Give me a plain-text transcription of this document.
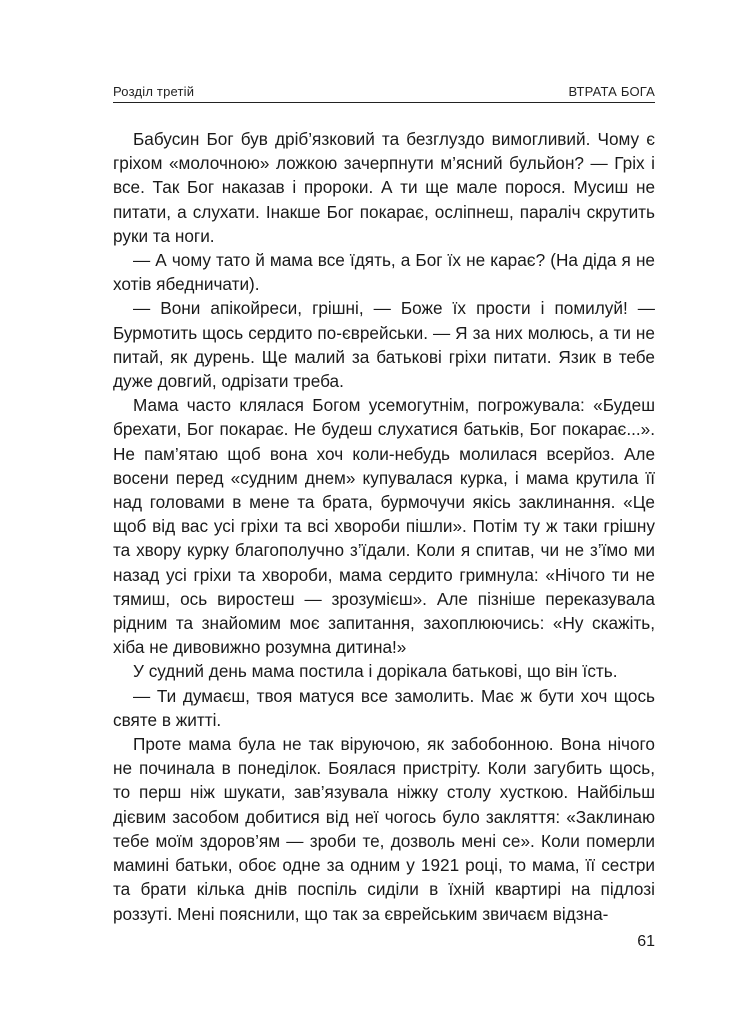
Розділ третій	ВТРАТА БОГА

Бабусин Бог був дріб’язковий та безглуздо вимогливий. Чому є гріхом «молочною» ложкою зачерпнути м’ясний бульйон? — Гріх і все. Так Бог наказав і пророки. А ти ще мале порося. Мусиш не питати, а слухати. Інакше Бог покарає, осліпнеш, параліч скрутить руки та ноги.

— А чому тато й мама все їдять, а Бог їх не карає? (На діда я не хотів ябедничати).

— Вони апікойреси, грішні, — Боже їх прости і помилуй! — Бурмотить щось сердито по-єврейськи. — Я за них молюсь, а ти не питай, як дурень. Ще малий за батькові гріхи питати. Язик в тебе дуже довгий, одрізати треба.

Мама часто клялася Богом усемогутнім, погрожувала: «Будеш брехати, Бог покарає. Не будеш слухатися батьків, Бог покарає...». Не пам’ятаю щоб вона хоч коли-небудь молилася всерйоз. Але восени перед «судним днем» купувалася курка, і мама крутила її над головами в мене та брата, бурмочучи якісь заклинання. «Це щоб від вас усі гріхи та всі хвороби пішли». Потім ту ж таки грішну та хвору курку благополучно з’їдали. Коли я спитав, чи не з’їмо ми назад усі гріхи та хвороби, мама сердито гримнула: «Нічого ти не тямиш, ось виростеш — зрозумієш». Але пізніше переказувала рідним та знайомим моє запитання, захоплюючись: «Ну скажіть, хіба не дивовижно розумна дитина!»

У судний день мама постила і дорікала батькові, що він їсть.

— Ти думаєш, твоя матуся все замолить. Має ж бути хоч щось святе в житті.

Проте мама була не так віруючою, як забобонною. Вона нічого не починала в понеділок. Боялася пристріту. Коли загубить щось, то перш ніж шукати, зав’язувала ніжку столу хусткою. Найбільш дієвим засобом добитися від неї чогось було закляття: «Заклинаю тебе моїм здоров’ям — зроби те, дозволь мені се». Коли померли мамині батьки, обоє одне за одним у 1921 році, то мама, її сестри та брати кілька днів поспіль сиділи в їхній квартирі на підлозі роззуті. Мені пояснили, що так за єврейським звичаєм відзна-

61
